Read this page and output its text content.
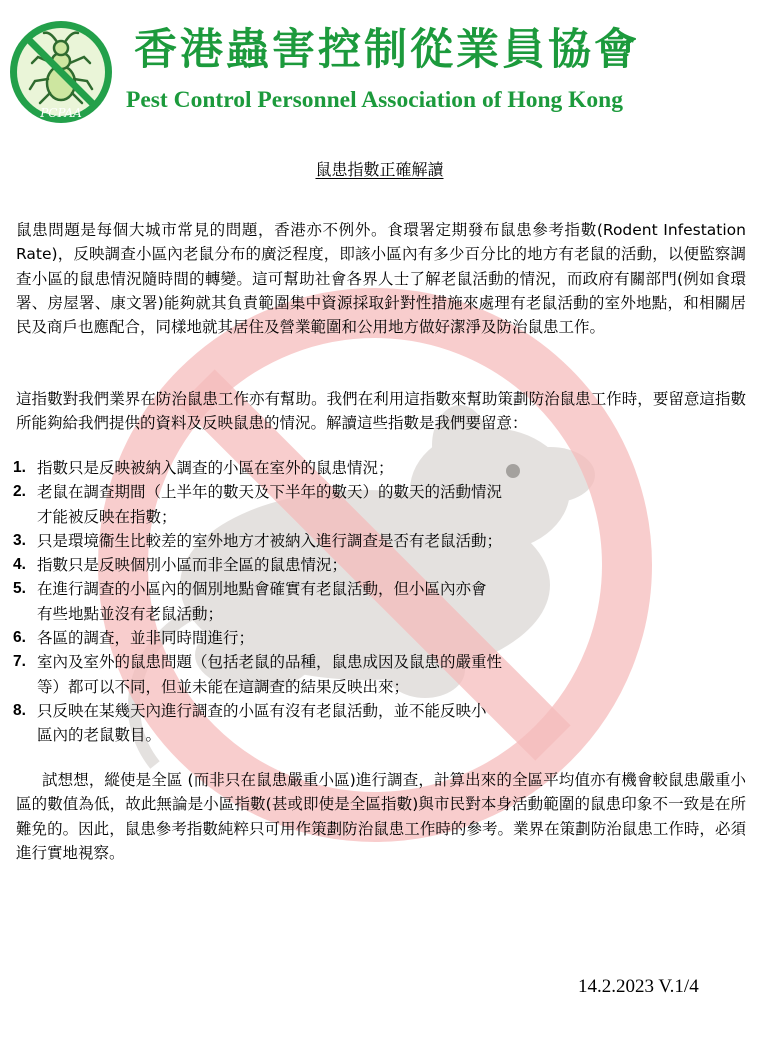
PCPAA
香港蟲害控制從業員協會
Pest Control Personnel Association of Hong Kong
鼠患指數正確解讀

鼠患問題是每個大城市常見的問題，香港亦不例外。食環署定期發布鼠患參考指數(Rodent Infestation Rate)，反映調查小區內老鼠分布的廣泛程度，即該小區內有多少百分比的地方有老鼠的活動，以便監察調查小區的鼠患情況隨時間的轉變。這可幫助社會各界人士了解老鼠活動的情況，而政府有關部門(例如食環署、房屋署、康文署)能夠就其負責範圍集中資源採取針對性措施來處理有老鼠活動的室外地點，和相關居民及商戶也應配合，同樣地就其居住及營業範圍和公用地方做好潔淨及防治鼠患工作。

這指數對我們業界在防治鼠患工作亦有幫助。我們在利用這指數來幫助策劃防治鼠患工作時，要留意這指數所能夠給我們提供的資料及反映鼠患的情況。解讀這些指數是我們要留意：

1. 指數只是反映被納入調查的小區在室外的鼠患情況；
2. 老鼠在調查期間（上半年的數天及下半年的數天）的數天的活動情況
才能被反映在指數；
3. 只是環境衞生比較差的室外地方才被納入進行調查是否有老鼠活動；
4. 指數只是反映個別小區而非全區的鼠患情況；
5. 在進行調查的小區內的個別地點會確實有老鼠活動，但小區內亦會
有些地點並沒有老鼠活動；
6. 各區的調查，並非同時間進行；
7. 室內及室外的鼠患問題（包括老鼠的品種，鼠患成因及鼠患的嚴重性
等）都可以不同，但並未能在這調查的結果反映出來；
8. 只反映在某幾天內進行調查的小區有沒有老鼠活動，並不能反映小
區內的老鼠數目。

試想想，縱使是全區 (而非只在鼠患嚴重小區)進行調查，計算出來的全區平均值亦有機會較鼠患嚴重小區的數值為低，故此無論是小區指數(甚或即使是全區指數)與市民對本身活動範圍的鼠患印象不一致是在所難免的。因此，鼠患參考指數純粹只可用作策劃防治鼠患工作時的參考。業界在策劃防治鼠患工作時，必須進行實地視察。

14.2.2023 V.1/4
